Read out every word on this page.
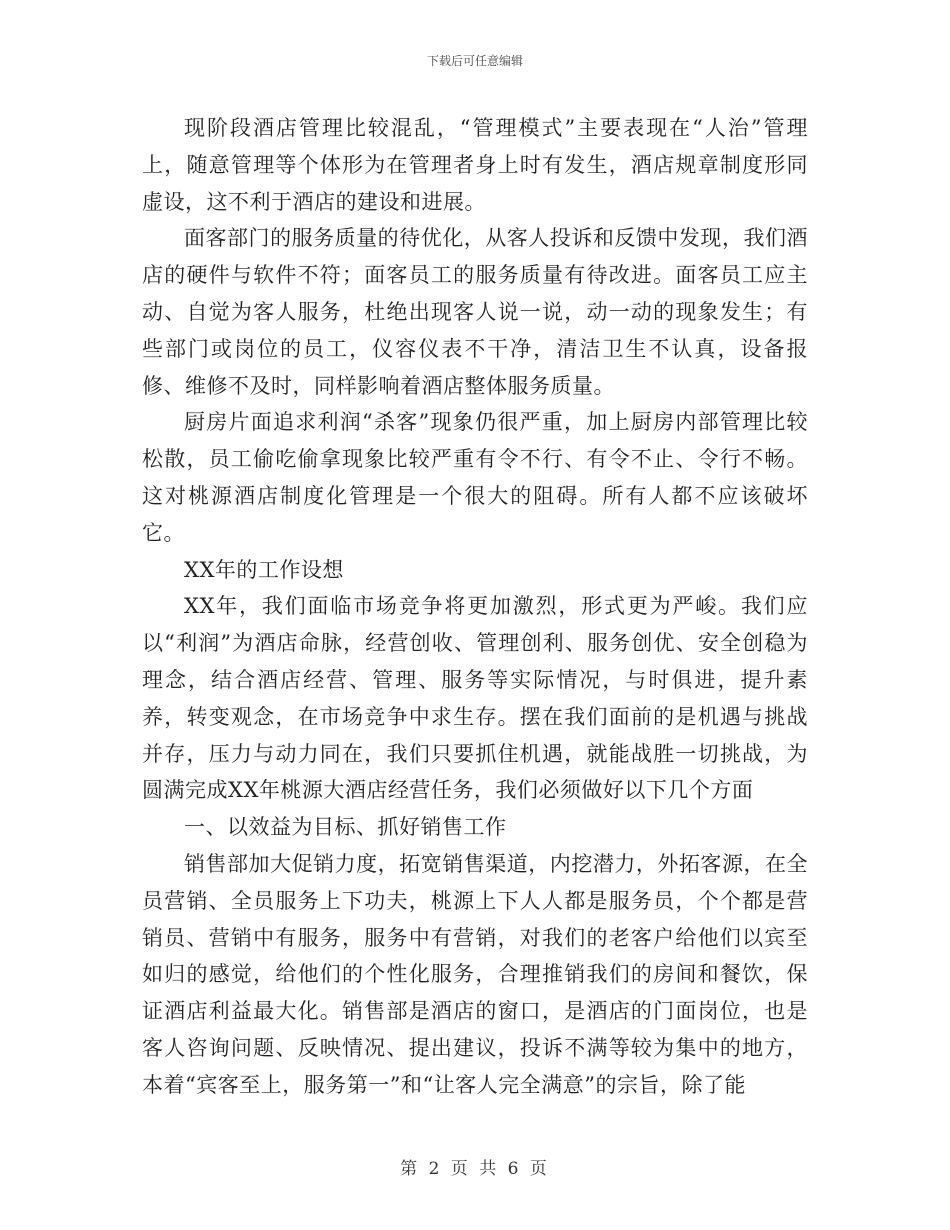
下载后可任意编辑

现阶段酒店管理比较混乱，“管理模式”主要表现在“人治”管理上，随意管理等个体形为在管理者身上时有发生，酒店规章制度形同虚设，这不利于酒店的建设和进展。

面客部门的服务质量的待优化，从客人投诉和反馈中发现，我们酒店的硬件与软件不符；面客员工的服务质量有待改进。面客员工应主动、自觉为客人服务，杜绝出现客人说一说，动一动的现象发生；有些部门或岗位的员工，仪容仪表不干净，清洁卫生不认真，设备报修、维修不及时，同样影响着酒店整体服务质量。

厨房片面追求利润“杀客”现象仍很严重，加上厨房内部管理比较松散，员工偷吃偷拿现象比较严重有令不行、有令不止、令行不畅。这对桃源酒店制度化管理是一个很大的阻碍。所有人都不应该破坏它。

XX年的工作设想

XX年，我们面临市场竞争将更加激烈，形式更为严峻。我们应以“利润”为酒店命脉，经营创收、管理创利、服务创优、安全创稳为理念，结合酒店经营、管理、服务等实际情况，与时俱进，提升素养，转变观念，在市场竞争中求生存。摆在我们面前的是机遇与挑战并存，压力与动力同在，我们只要抓住机遇，就能战胜一切挑战，为圆满完成XX年桃源大酒店经营任务，我们必须做好以下几个方面

一、以效益为目标、抓好销售工作

销售部加大促销力度，拓宽销售渠道，内挖潜力，外拓客源，在全员营销、全员服务上下功夫，桃源上下人人都是服务员，个个都是营销员、营销中有服务，服务中有营销，对我们的老客户给他们以宾至如归的感觉，给他们的个性化服务，合理推销我们的房间和餐饮，保证酒店利益最大化。销售部是酒店的窗口，是酒店的门面岗位，也是客人咨询问题、反映情况、提出建议，投诉不满等较为集中的地方，本着“宾客至上，服务第一”和“让客人完全满意”的宗旨，除了能

第 2 页 共 6 页
